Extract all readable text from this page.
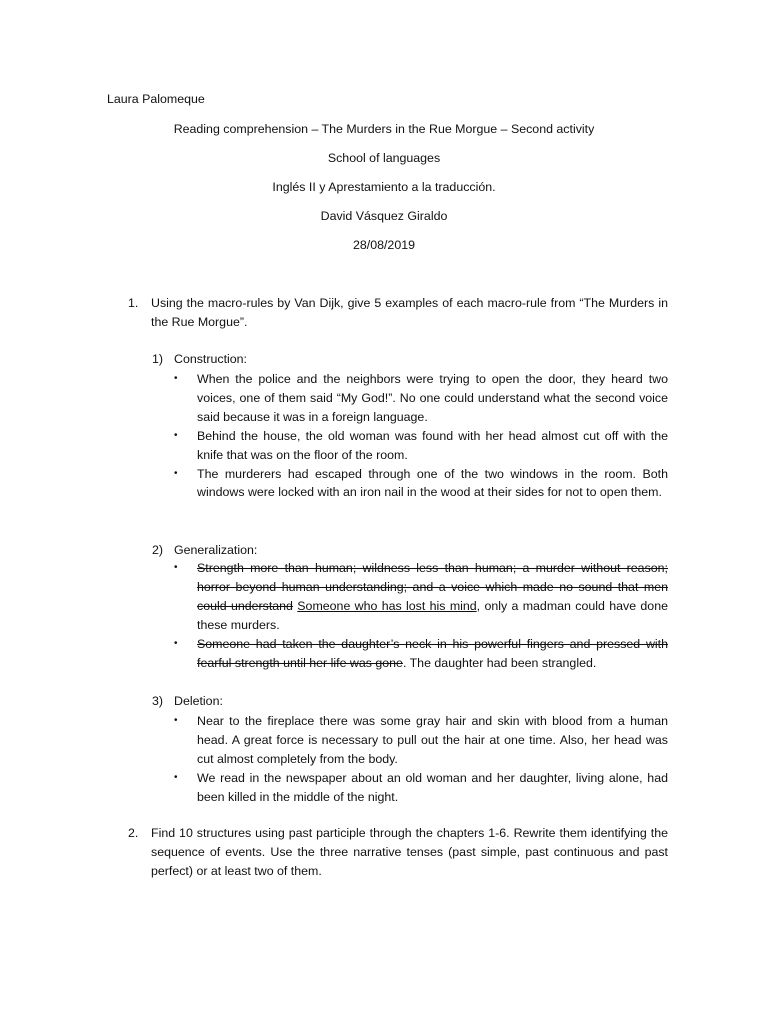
Laura Palomeque
Reading comprehension – The Murders in the Rue Morgue – Second activity
School of languages
Inglés II y Aprestamiento a la traducción.
David Vásquez Giraldo
28/08/2019
1. Using the macro-rules by Van Dijk, give 5 examples of each macro-rule from “The Murders in the Rue Morgue”.
1) Construction:
• When the police and the neighbors were trying to open the door, they heard two voices, one of them said “My God!”. No one could understand what the second voice said because it was in a foreign language.
• Behind the house, the old woman was found with her head almost cut off with the knife that was on the floor of the room.
• The murderers had escaped through one of the two windows in the room. Both windows were locked with an iron nail in the wood at their sides for not to open them.
2) Generalization:
• Strength more than human; wildness less than human; a murder without reason; horror beyond human understanding; and a voice which made no sound that men could understand Someone who has lost his mind, only a madman could have done these murders.
• Someone had taken the daughter’s neck in his powerful fingers and pressed with fearful strength until her life was gone. The daughter had been strangled.
3) Deletion:
• Near to the fireplace there was some gray hair and skin with blood from a human head. A great force is necessary to pull out the hair at one time. Also, her head was cut almost completely from the body.
• We read in the newspaper about an old woman and her daughter, living alone, had been killed in the middle of the night.
2. Find 10 structures using past participle through the chapters 1-6. Rewrite them identifying the sequence of events. Use the three narrative tenses (past simple, past continuous and past perfect) or at least two of them.
